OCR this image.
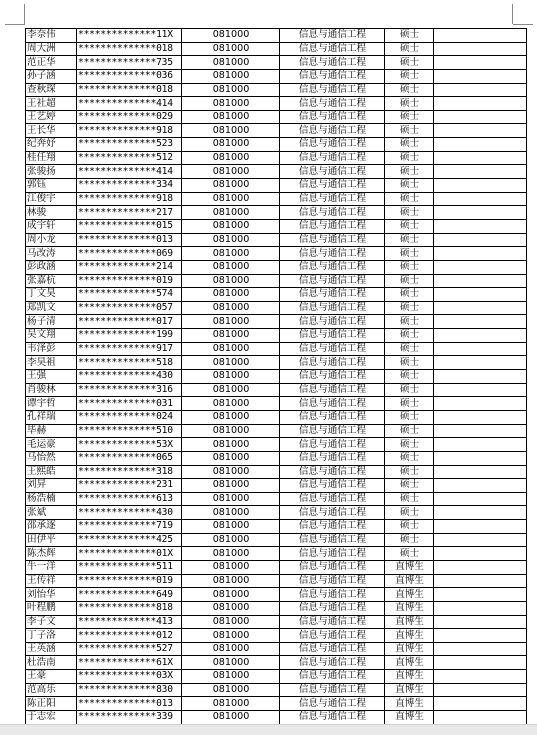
李奈伟	**************11X	081000	信息与通信工程	硕士	
周大洲	**************018	081000	信息与通信工程	硕士	
范正华	**************735	081000	信息与通信工程	硕士	
孙子涵	**************036	081000	信息与通信工程	硕士	
查秋琛	**************018	081000	信息与通信工程	硕士	
王社超	**************414	081000	信息与通信工程	硕士	
王艺婷	**************029	081000	信息与通信工程	硕士	
王长华	**************918	081000	信息与通信工程	硕士	
纪奔妤	**************523	081000	信息与通信工程	硕士	
桂任翔	**************512	081000	信息与通信工程	硕士	
张骏扬	**************414	081000	信息与通信工程	硕士	
郭钰	**************334	081000	信息与通信工程	硕士	
江俊宇	**************918	081000	信息与通信工程	硕士	
林骏	**************217	081000	信息与通信工程	硕士	
成宇轩	**************015	081000	信息与通信工程	硕士	
周小龙	**************013	081000	信息与通信工程	硕士	
马改涛	**************069	081000	信息与通信工程	硕士	
彭政涵	**************214	081000	信息与通信工程	硕士	
张嘉杭	**************019	081000	信息与通信工程	硕士	
丁文昊	**************574	081000	信息与通信工程	硕士	
郑凯文	**************057	081000	信息与通信工程	硕士	
杨子清	**************017	081000	信息与通信工程	硕士	
吴文翔	**************199	081000	信息与通信工程	硕士	
韦泽彭	**************917	081000	信息与通信工程	硕士	
李昊祖	**************518	081000	信息与通信工程	硕士	
王强	**************430	081000	信息与通信工程	硕士	
肖骏林	**************316	081000	信息与通信工程	硕士	
谭宇哲	**************031	081000	信息与通信工程	硕士	
孔祥瑞	**************024	081000	信息与通信工程	硕士	
毕赫	**************510	081000	信息与通信工程	硕士	
毛运豪	**************53X	081000	信息与通信工程	硕士	
马怡然	**************065	081000	信息与通信工程	硕士	
王熙皓	**************318	081000	信息与通信工程	硕士	
刘昇	**************231	081000	信息与通信工程	硕士	
杨浩楠	**************613	081000	信息与通信工程	硕士	
张斌	**************430	081000	信息与通信工程	硕士	
邵承逐	**************719	081000	信息与通信工程	硕士	
田伊平	**************425	081000	信息与通信工程	硕士	
陈杰辉	**************01X	081000	信息与通信工程	硕士	
牛一洋	**************511	081000	信息与通信工程	直博生	
王传祥	**************019	081000	信息与通信工程	直博生	
刘怡华	**************649	081000	信息与通信工程	直博生	
叶程鹏	**************818	081000	信息与通信工程	直博生	
李子文	**************413	081000	信息与通信工程	直博生	
丁子洛	**************012	081000	信息与通信工程	直博生	
王英涵	**************527	081000	信息与通信工程	直博生	
杜浩南	**************61X	081000	信息与通信工程	直博生	
王豪	**************03X	081000	信息与通信工程	直博生	
范高乐	**************830	081000	信息与通信工程	直博生	
陈正阳	**************013	081000	信息与通信工程	直博生	
于志宏	**************339	081000	信息与通信工程	直博生	
